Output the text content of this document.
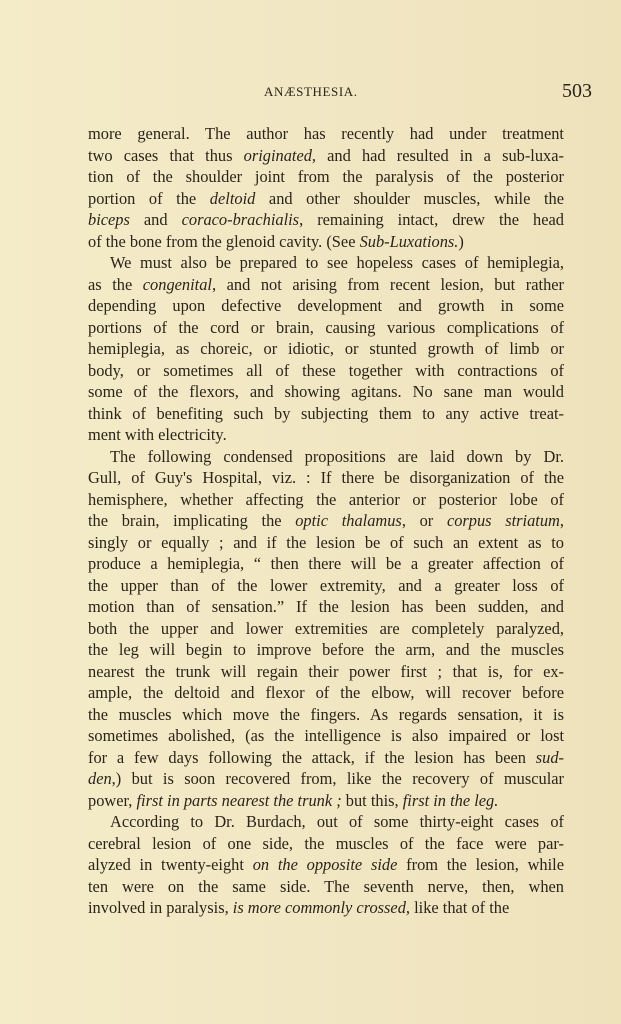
ANÆSTHESIA.	503

more general. The author has recently had under treatment
two cases that thus originated, and had resulted in a sub-luxa-
tion of the shoulder joint from the paralysis of the posterior
portion of the deltoid and other shoulder muscles, while the
biceps and coraco-brachialis, remaining intact, drew the head
of the bone from the glenoid cavity. (See Sub-Luxations.)

We must also be prepared to see hopeless cases of hemiplegia,
as the congenital, and not arising from recent lesion, but rather
depending upon defective development and growth in some
portions of the cord or brain, causing various complications of
hemiplegia, as choreic, or idiotic, or stunted growth of limb or
body, or sometimes all of these together with contractions of
some of the flexors, and showing agitans. No sane man would
think of benefiting such by subjecting them to any active treat-
ment with electricity.

The following condensed propositions are laid down by Dr.
Gull, of Guy's Hospital, viz. : If there be disorganization of the
hemisphere, whether affecting the anterior or posterior lobe of
the brain, implicating the optic thalamus, or corpus striatum,
singly or equally ; and if the lesion be of such an extent as to
produce a hemiplegia, “ then there will be a greater affection of
the upper than of the lower extremity, and a greater loss of
motion than of sensation.” If the lesion has been sudden, and
both the upper and lower extremities are completely paralyzed,
the leg will begin to improve before the arm, and the muscles
nearest the trunk will regain their power first ; that is, for ex-
ample, the deltoid and flexor of the elbow, will recover before
the muscles which move the fingers. As regards sensation, it is
sometimes abolished, (as the intelligence is also impaired or lost
for a few days following the attack, if the lesion has been sud-
den,) but is soon recovered from, like the recovery of muscular
power, first in parts nearest the trunk ; but this, first in the leg.

According to Dr. Burdach, out of some thirty-eight cases of
cerebral lesion of one side, the muscles of the face were par-
alyzed in twenty-eight on the opposite side from the lesion, while
ten were on the same side. The seventh nerve, then, when
involved in paralysis, is more commonly crossed, like that of the
